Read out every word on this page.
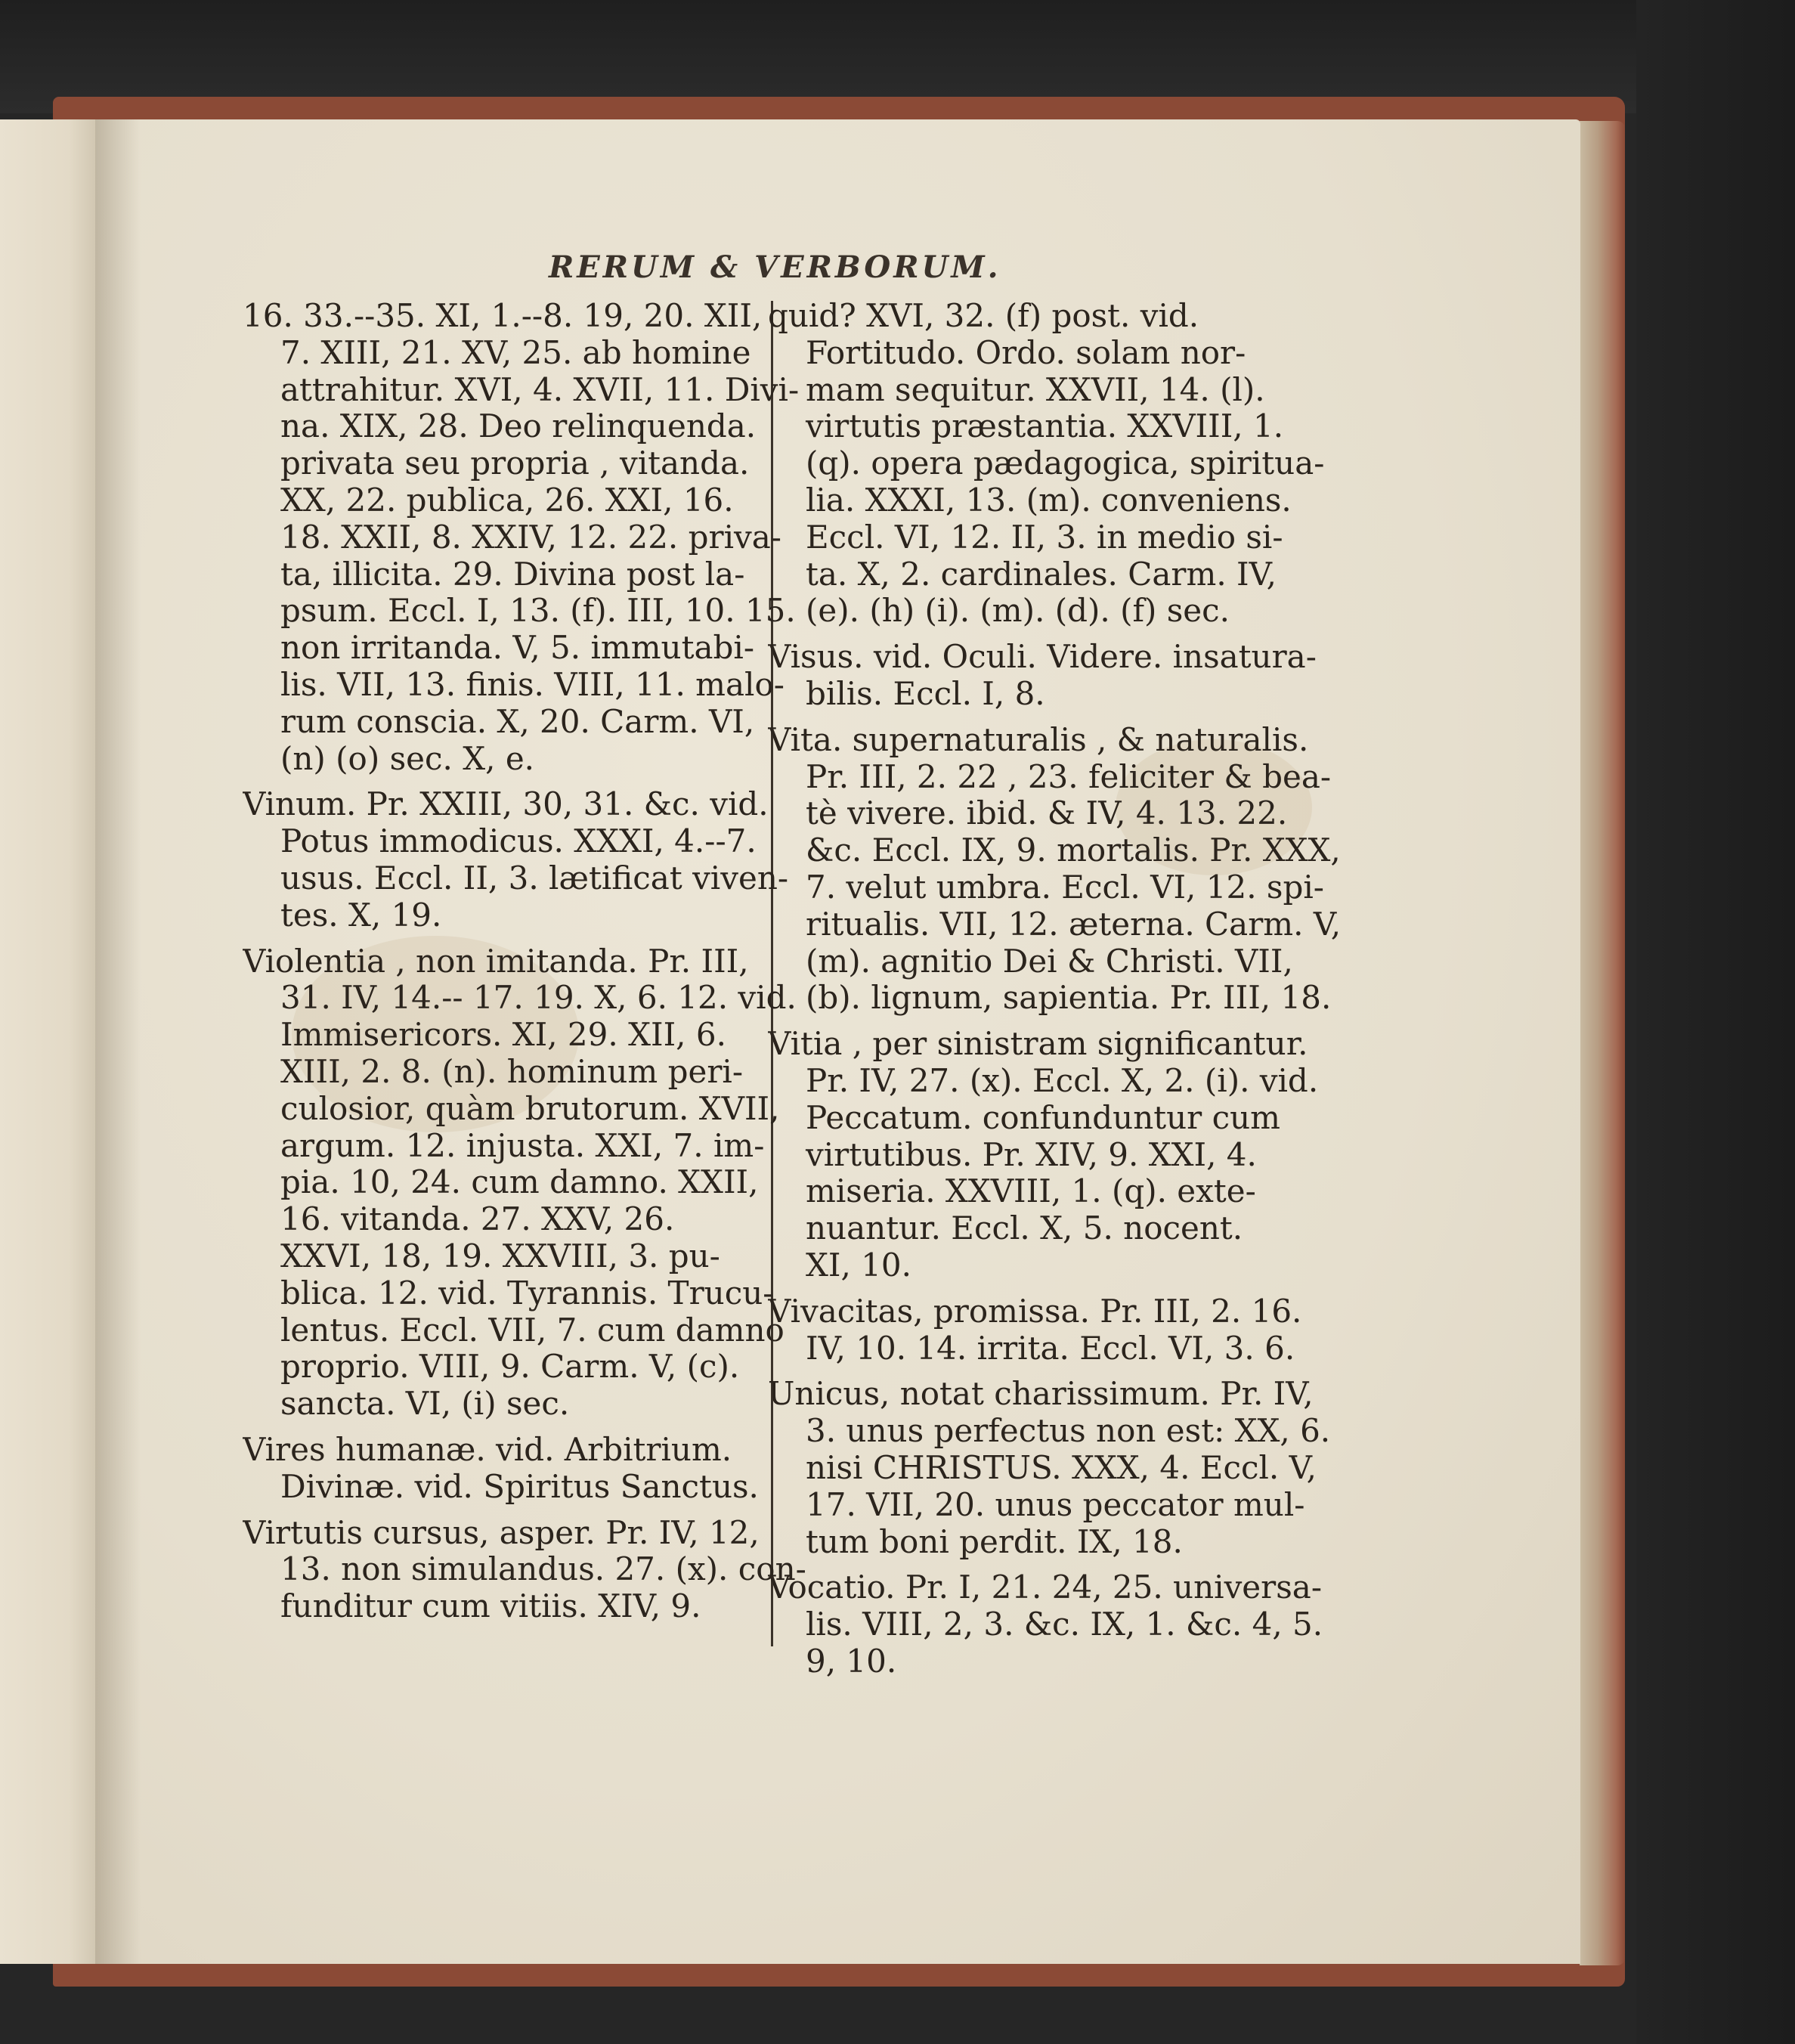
RERUM & VERBORUM.
16. 33.--35. XI, 1.--8. 19, 20. XII,
7. XIII, 21. XV, 25. ab homine
attrahitur. XVI, 4. XVII, 11. Divi-
na. XIX, 28. Deo relinquenda.
privata seu propria , vitanda.
XX, 22. publica, 26. XXI, 16.
18. XXII, 8. XXIV, 12. 22. priva-
ta, illicita. 29. Divina post la-
psum. Eccl. I, 13. (f). III, 10. 15.
non irritanda. V, 5. immutabi-
lis. VII, 13. finis. VIII, 11. malo-
rum conscia. X, 20. Carm. VI,
(n) (o) sec. X, e.
Vinum. Pr. XXIII, 30, 31. &c. vid.
Potus immodicus. XXXI, 4.--7.
usus. Eccl. II, 3. lætificat viven-
tes. X, 19.
Violentia , non imitanda. Pr. III,
31. IV, 14.-- 17. 19. X, 6. 12. vid.
Immisericors. XI, 29. XII, 6.
XIII, 2. 8. (n). hominum peri-
culosior, quàm brutorum. XVII,
argum. 12. injusta. XXI, 7. im-
pia. 10, 24. cum damno. XXII,
16. vitanda. 27. XXV, 26.
XXVI, 18, 19. XXVIII, 3. pu-
blica. 12. vid. Tyrannis. Trucu-
lentus. Eccl. VII, 7. cum damno
proprio. VIII, 9. Carm. V, (c).
sancta. VI, (i) sec.
Vires humanæ. vid. Arbitrium.
Divinæ. vid. Spiritus Sanctus.
Virtutis cursus, asper. Pr. IV, 12,
13. non simulandus. 27. (x). con-
funditur cum vitiis. XIV, 9.
quid? XVI, 32. (f) post. vid.
Fortitudo. Ordo. solam nor-
mam sequitur. XXVII, 14. (l).
virtutis præstantia. XXVIII, 1.
(q). opera pædagogica, spiritua-
lia. XXXI, 13. (m). conveniens.
Eccl. VI, 12. II, 3. in medio si-
ta. X, 2. cardinales. Carm. IV,
(e). (h) (i). (m). (d). (f) sec.
Visus. vid. Oculi. Videre. insatura-
bilis. Eccl. I, 8.
Vita. supernaturalis , & naturalis.
Pr. III, 2. 22 , 23. feliciter & bea-
tè vivere. ibid. & IV, 4. 13. 22.
&c. Eccl. IX, 9. mortalis. Pr. XXX,
7. velut umbra. Eccl. VI, 12. spi-
ritualis. VII, 12. æterna. Carm. V,
(m). agnitio Dei & Christi. VII,
(b). lignum, sapientia. Pr. III, 18.
Vitia , per sinistram significantur.
Pr. IV, 27. (x). Eccl. X, 2. (i). vid.
Peccatum. confunduntur cum
virtutibus. Pr. XIV, 9. XXI, 4.
miseria. XXVIII, 1. (q). exte-
nuantur. Eccl. X, 5. nocent.
XI, 10.
Vivacitas, promissa. Pr. III, 2. 16.
IV, 10. 14. irrita. Eccl. VI, 3. 6.
Unicus, notat charissimum. Pr. IV,
3. unus perfectus non est: XX, 6.
nisi CHRISTUS. XXX, 4. Eccl. V,
17. VII, 20. unus peccator mul-
tum boni perdit. IX, 18.
Vocatio. Pr. I, 21. 24, 25. universa-
lis. VIII, 2, 3. &c. IX, 1. &c. 4, 5.
9, 10.
